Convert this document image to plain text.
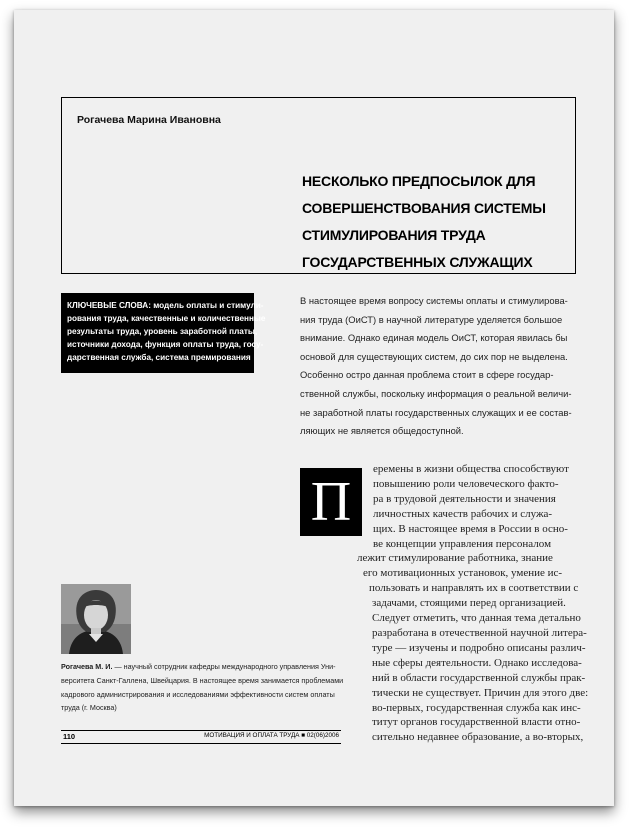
Рогачева Марина Ивановна
НЕСКОЛЬКО ПРЕДПОСЫЛОК ДЛЯ
СОВЕРШЕНСТВОВАНИЯ СИСТЕМЫ
СТИМУЛИРОВАНИЯ ТРУДА
ГОСУДАРСТВЕННЫХ СЛУЖАЩИХ
КЛЮЧЕВЫЕ СЛОВА: модель оплаты и стимули-
рования труда, качественные и количественные
результаты труда, уровень заработной платы,
источники дохода, функция оплаты труда, госу-
дарственная служба, система премирования
В настоящее время вопросу системы оплаты и стимулирова-
ния труда (ОиСТ) в научной литературе уделяется большое
внимание. Однако единая модель ОиСТ, которая явилась бы
основой для существующих систем, до сих пор не выделена.
Особенно остро данная проблема стоит в сфере государ-
ственной службы, поскольку информация о реальной величи-
не заработной платы государственных служащих и ее состав-
ляющих не является общедоступной.
П
еремены в жизни общества способствуют
повышению роли человеческого факто-
ра в трудовой деятельности и значения
личностных качеств рабочих и служа-
щих. В настоящее время в России в осно-
ве концепции управления персоналом
лежит стимулирование работника, знание
его мотивационных установок, умение ис-
пользовать и направлять их в соответствии с
задачами, стоящими перед организацией.
Следует отметить, что данная тема детально
разработана в отечественной научной литера-
туре — изучены и подробно описаны различ-
ные сферы деятельности. Однако исследова-
ний в области государственной службы прак-
тически не существует. Причин для этого две:
во-первых, государственная служба как инс-
титут органов государственной власти отно-
сительно недавнее образование, а во-вторых,
Рогачева М. И. — научный сотрудник кафедры международного управления Уни-
верситета Санкт-Галлена, Швейцария. В настоящее время занимается проблемами
кадрового администрирования и исследованиями эффективности систем оплаты
труда (г. Москва)
110	МОТИВАЦИЯ И ОПЛАТА ТРУДА ■ 02(06)2006
